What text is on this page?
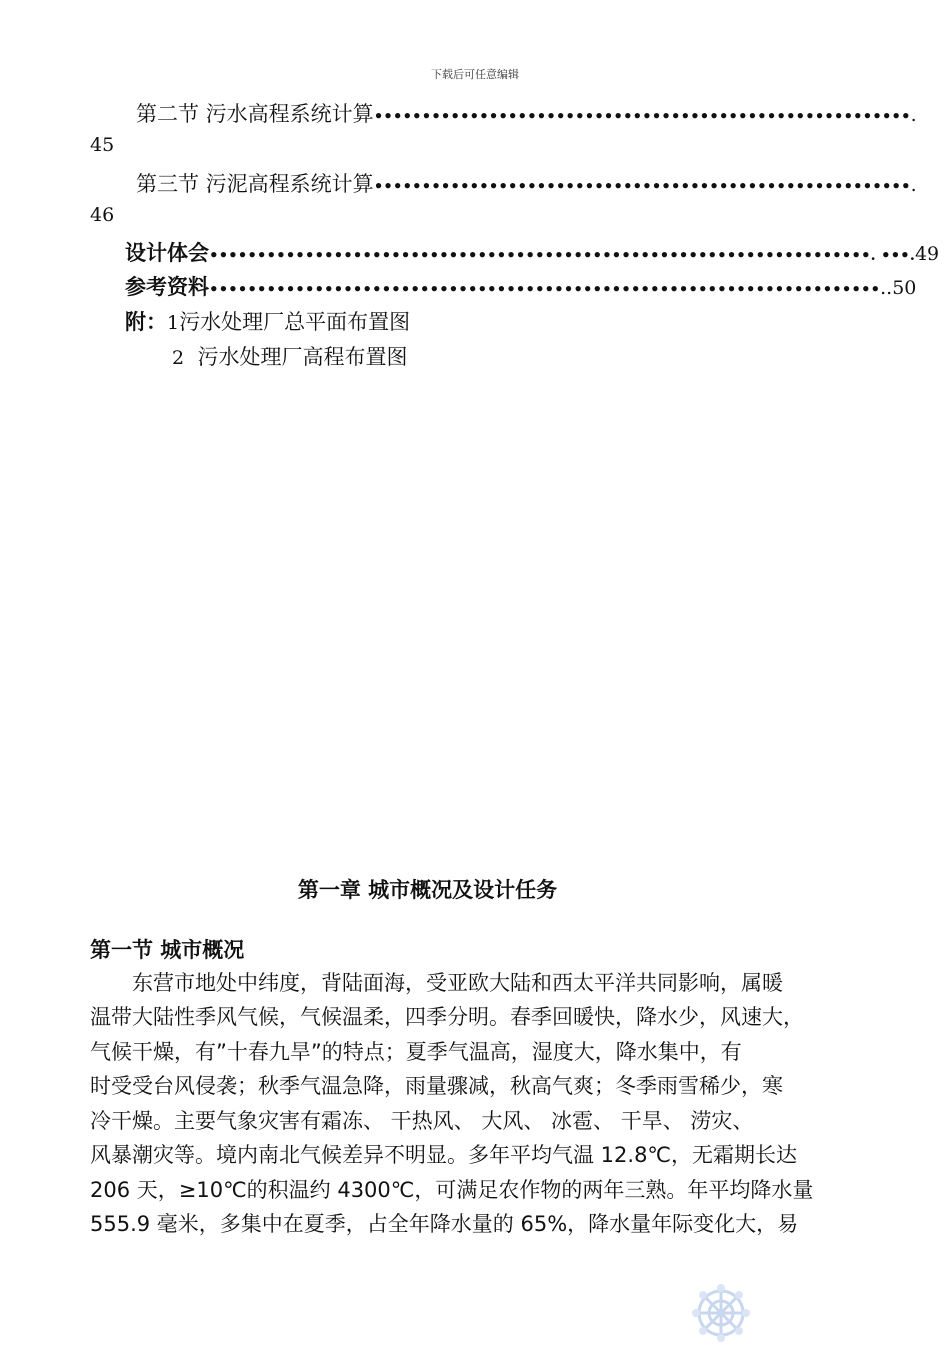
下载后可任意编辑
第二节 污水高程系统计算••••••••••••••••••••••••••••••••••••••••••••••••••••••••.
45
第三节 污泥高程系统计算••••••••••••••••••••••••••••••••••••••••••••••••••••••••.
46
设计体会•••••••••••••••••••••••••••••••••••••••••••••••••••••••••••••••••••••. •••.49
参考资料••••••••••••••••••••••••••••••••••••••••••••••••••••••••••••••••••••••..50
附：1污水处理厂总平面布置图
2 污水处理厂高程布置图
第一章 城市概况及设计任务
第一节 城市概况
　　东营市地处中纬度，背陆面海，受亚欧大陆和西太平洋共同影响，属暖
温带大陆性季风气候，气候温柔，四季分明。春季回暖快，降水少，风速大，
气候干燥，有”十春九旱”的特点；夏季气温高，湿度大，降水集中，有
时受受台风侵袭；秋季气温急降，雨量骤减，秋高气爽；冬季雨雪稀少，寒
冷干燥。主要气象灾害有霜冻、 干热风、 大风、 冰雹、 干旱、 涝灾、
风暴潮灾等。境内南北气候差异不明显。多年平均气温 12.8℃，无霜期长达
206 天，≥10℃的积温约 4300℃，可满足农作物的两年三熟。年平均降水量
555.9 毫米，多集中在夏季，占全年降水量的 65%，降水量年际变化大，易
